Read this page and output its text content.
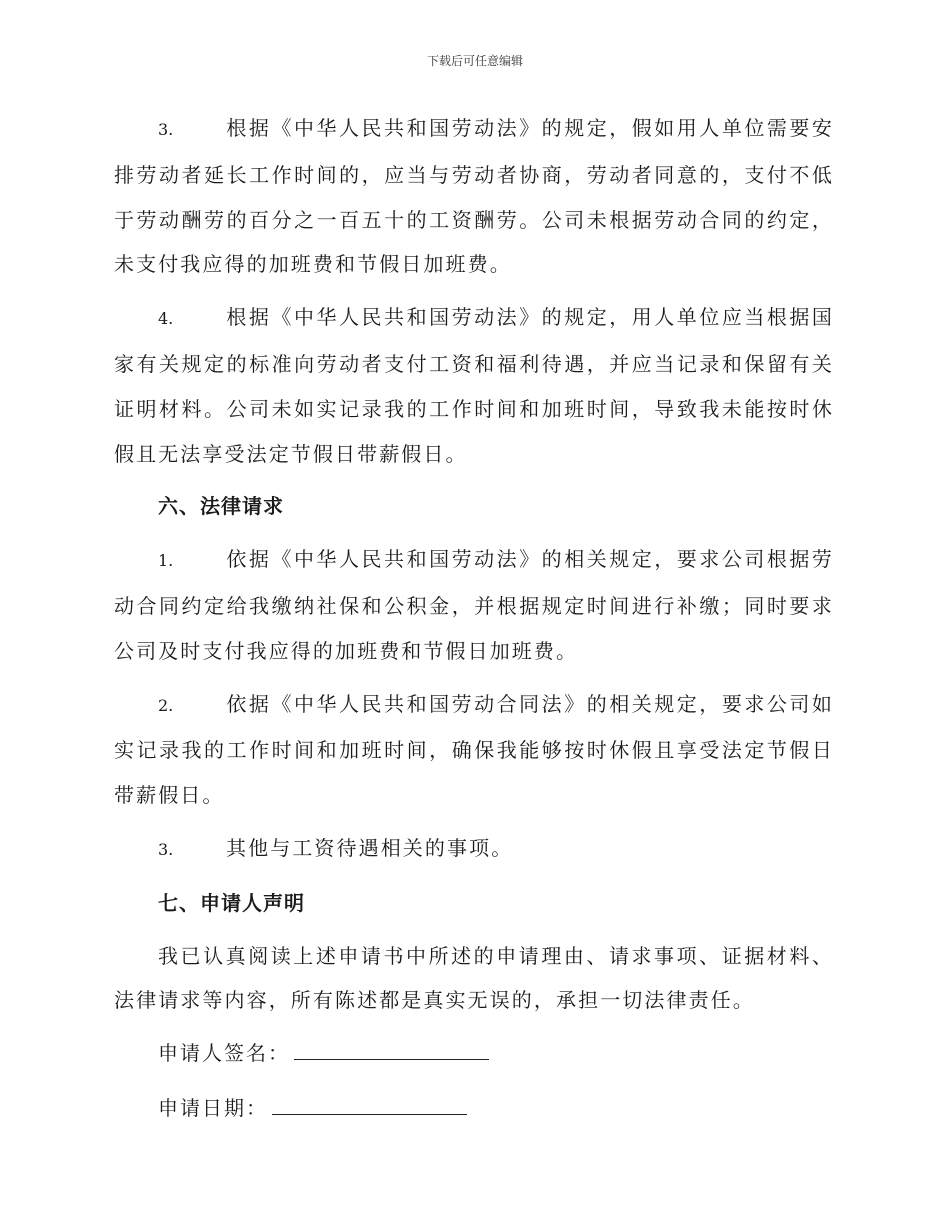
下载后可任意编辑

3.	根据《中华人民共和国劳动法》的规定，假如用人单位需要安排劳动者延长工作时间的，应当与劳动者协商，劳动者同意的，支付不低于劳动酬劳的百分之一百五十的工资酬劳。公司未根据劳动合同的约定，未支付我应得的加班费和节假日加班费。

4.	根据《中华人民共和国劳动法》的规定，用人单位应当根据国家有关规定的标准向劳动者支付工资和福利待遇，并应当记录和保留有关证明材料。公司未如实记录我的工作时间和加班时间，导致我未能按时休假且无法享受法定节假日带薪假日。

六、法律请求

1.	依据《中华人民共和国劳动法》的相关规定，要求公司根据劳动合同约定给我缴纳社保和公积金，并根据规定时间进行补缴；同时要求公司及时支付我应得的加班费和节假日加班费。

2.	依据《中华人民共和国劳动合同法》的相关规定，要求公司如实记录我的工作时间和加班时间，确保我能够按时休假且享受法定节假日带薪假日。

3.	其他与工资待遇相关的事项。

七、申请人声明

我已认真阅读上述申请书中所述的申请理由、请求事项、证据材料、法律请求等内容，所有陈述都是真实无误的，承担一切法律责任。

申请人签名：
申请日期：
